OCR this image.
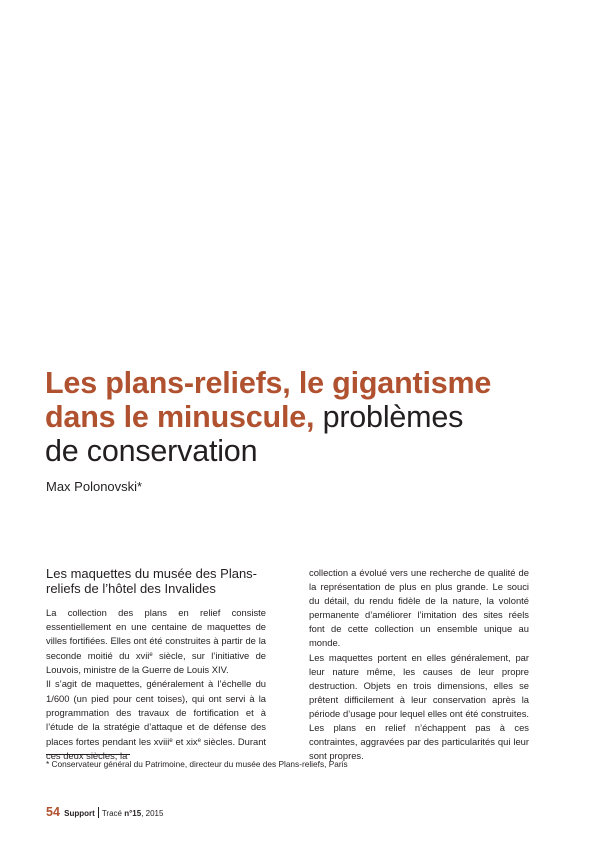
Les plans-reliefs, le gigantisme
dans le minuscule, problèmes
de conservation
Max Polonovski*
Les maquettes du musée des Plans-reliefs de l’hôtel des Invalides

La collection des plans en relief consiste essentiellement en une centaine de maquettes de villes fortifiées. Elles ont été construites à partir de la seconde moitié du xvii$^e$ siècle, sur l’initiative de Louvois, ministre de la Guerre de Louis XIV.

Il s’agit de maquettes, généralement à l’échelle du 1/600 (un pied pour cent toises), qui ont servi à la programmation des travaux de fortification et à l’étude de la stratégie d’attaque et de défense des places fortes pendant les xviii$^e$ et xix$^e$ siècles. Durant ces deux siècles, la

collection a évolué vers une recherche de qualité de la représentation de plus en plus grande. Le souci du détail, du rendu fidèle de la nature, la volonté permanente d’améliorer l’imitation des sites réels font de cette collection un ensemble unique au monde.

Les maquettes portent en elles généralement, par leur nature même, les causes de leur propre destruction. Objets en trois dimensions, elles se prêtent difficilement à leur conservation après la période d’usage pour lequel elles ont été construites. Les plans en relief n’échappent pas à ces contraintes, aggravées par des particularités qui leur sont propres.

* Conservateur général du Patrimoine, directeur du musée des Plans-reliefs, Paris
54 Support Tracé n°15, 2015
